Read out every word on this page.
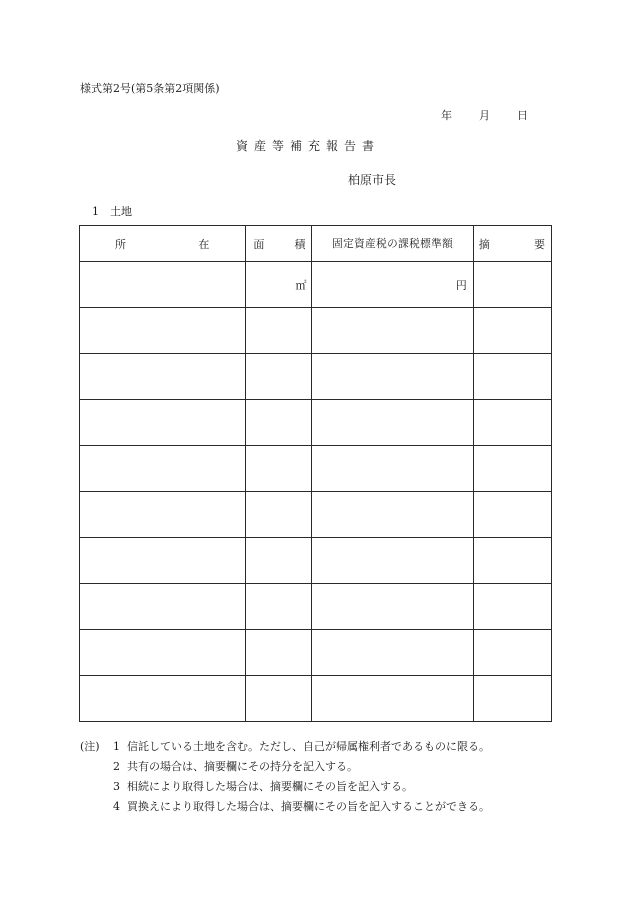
様式第2号(第5条第2項関係)
年 月 日
資産等補充報告書
柏原市長
1 土地
所 在	面 積	固定資産税の課税標準額	摘 要

	㎡	円	

(注)	1 信託している土地を含む。ただし、自己が帰属権利者であるものに限る。
2 共有の場合は、摘要欄にその持分を記入する。
3 相続により取得した場合は、摘要欄にその旨を記入する。
4 買換えにより取得した場合は、摘要欄にその旨を記入することができる。
